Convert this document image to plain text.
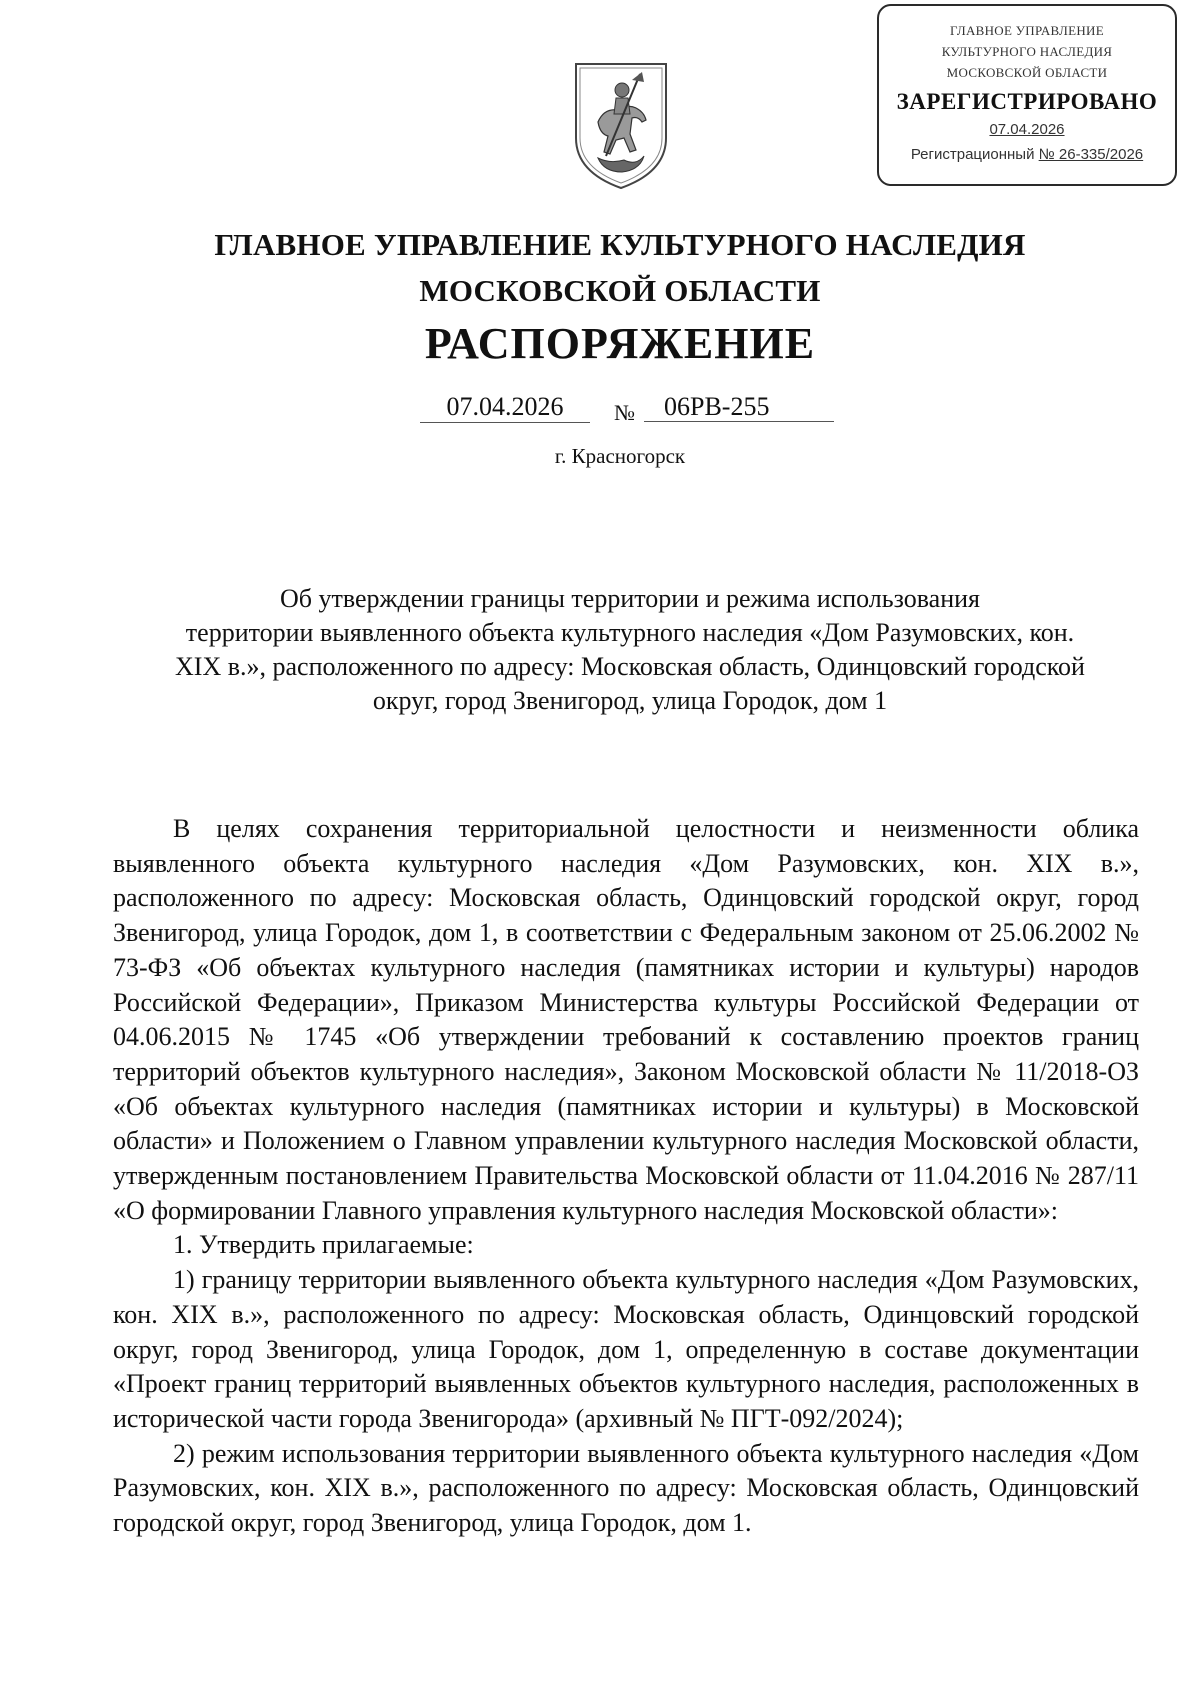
ГЛАВНОЕ УПРАВЛЕНИЕ
КУЛЬТУРНОГО НАСЛЕДИЯ
МОСКОВСКОЙ ОБЛАСТИ
ЗАРЕГИСТРИРОВАНО
07.04.2026
Регистрационный № 26-335/2026
ГЛАВНОЕ УПРАВЛЕНИЕ КУЛЬТУРНОГО НАСЛЕДИЯ
МОСКОВСКОЙ ОБЛАСТИ
РАСПОРЯЖЕНИЕ
07.04.2026	№	06РВ-255
г. Красногорск
Об утверждении границы территории и режима использования
территории выявленного объекта культурного наследия «Дом Разумовских, кон.
XIX в.», расположенного по адресу: Московская область, Одинцовский городской
округ, город Звенигород, улица Городок, дом 1

В целях сохранения территориальной целостности и неизменности облика выявленного объекта культурного наследия «Дом Разумовских, кон. XIX в.», расположенного по адресу: Московская область, Одинцовский городской округ, город Звенигород, улица Городок, дом 1, в соответствии с Федеральным законом от 25.06.2002 № 73-ФЗ «Об объектах культурного наследия (памятниках истории и культуры) народов Российской Федерации», Приказом Министерства культуры Российской Федерации от 04.06.2015 № 1745 «Об утверждении требований к составлению проектов границ территорий объектов культурного наследия», Законом Московской области № 11/2018-ОЗ «Об объектах культурного наследия (памятниках истории и культуры) в Московской области» и Положением о Главном управлении культурного наследия Московской области, утвержденным постановлением Правительства Московской области от 11.04.2016 № 287/11 «О формировании Главного управления культурного наследия Московской области»:

1. Утвердить прилагаемые:

1) границу территории выявленного объекта культурного наследия «Дом Разумовских, кон. XIX в.», расположенного по адресу: Московская область, Одинцовский городской округ, город Звенигород, улица Городок, дом 1, определенную в составе документации «Проект границ территорий выявленных объектов культурного наследия, расположенных в исторической части города Звенигорода» (архивный № ПГТ-092/2024);

2) режим использования территории выявленного объекта культурного наследия «Дом Разумовских, кон. XIX в.», расположенного по адресу: Московская область, Одинцовский городской округ, город Звенигород, улица Городок, дом 1.
